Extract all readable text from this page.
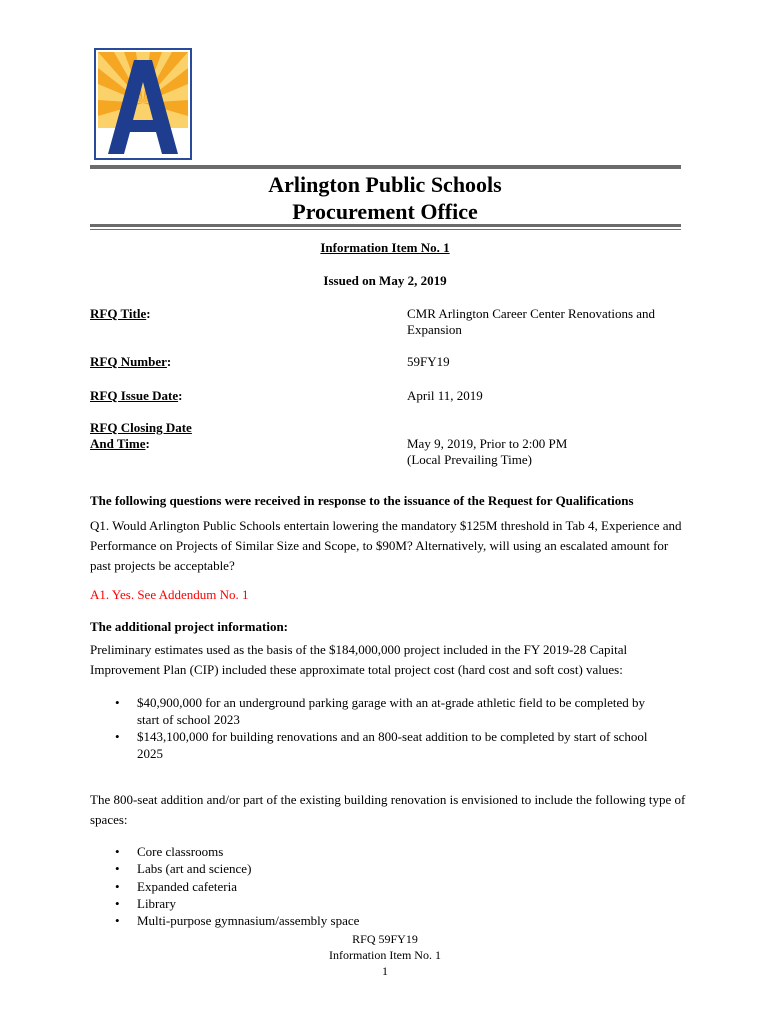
Arlington Public Schools
Procurement Office
Information Item No. 1
Issued on May 2, 2019
RFQ Title:	CMR Arlington Career Center Renovations and
Expansion
RFQ Number:	59FY19
RFQ Issue Date:	April 11, 2019
RFQ Closing Date
And Time:	May 9, 2019, Prior to 2:00 PM
(Local Prevailing Time)
The following questions were received in response to the issuance of the Request for Qualifications
Q1. Would Arlington Public Schools entertain lowering the mandatory $125M threshold in Tab 4, Experience and Performance on Projects of Similar Size and Scope, to $90M? Alternatively, will using an escalated amount for past projects be acceptable?
A1. Yes. See Addendum No. 1
The additional project information:
Preliminary estimates used as the basis of the $184,000,000 project included in the FY 2019-28 Capital Improvement Plan (CIP) included these approximate total project cost (hard cost and soft cost) values:
• $40,900,000 for an underground parking garage with an at-grade athletic field to be completed by start of school 2023
• $143,100,000 for building renovations and an 800-seat addition to be completed by start of school 2025
The 800-seat addition and/or part of the existing building renovation is envisioned to include the following type of spaces:
• Core classrooms
• Labs (art and science)
• Expanded cafeteria
• Library
• Multi-purpose gymnasium/assembly space
RFQ 59FY19
Information Item No. 1
1
